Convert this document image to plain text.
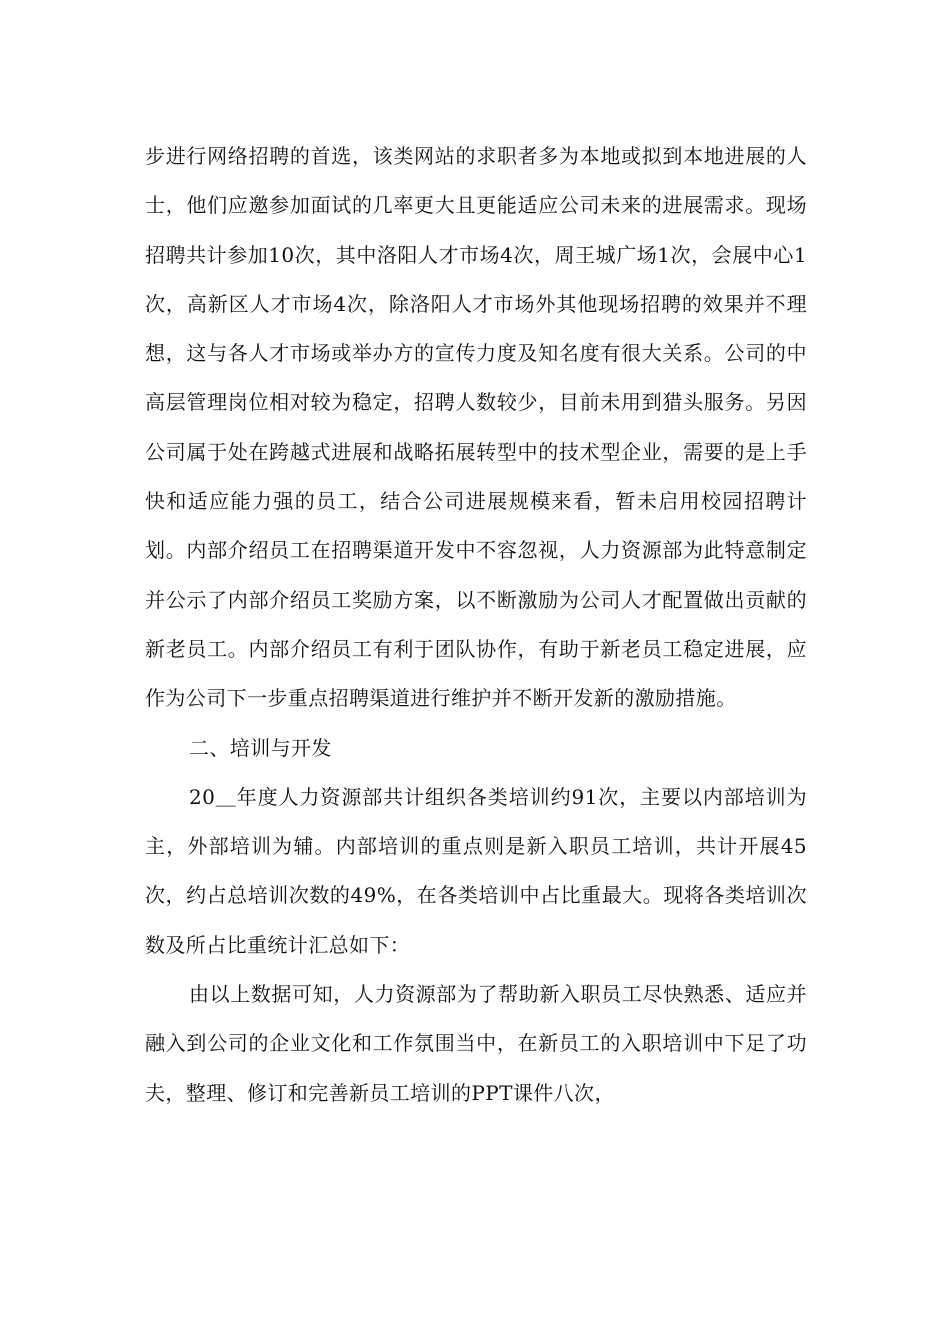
步进行网络招聘的首选，该类网站的求职者多为本地或拟到本地进展的人士，他们应邀参加面试的几率更大且更能适应公司未来的进展需求。现场招聘共计参加10次，其中洛阳人才市场4次，周王城广场1次，会展中心1次，高新区人才市场4次，除洛阳人才市场外其他现场招聘的效果并不理想，这与各人才市场或举办方的宣传力度及知名度有很大关系。公司的中高层管理岗位相对较为稳定，招聘人数较少，目前未用到猎头服务。另因公司属于处在跨越式进展和战略拓展转型中的技术型企业，需要的是上手快和适应能力强的员工，结合公司进展规模来看，暂未启用校园招聘计划。内部介绍员工在招聘渠道开发中不容忽视，人力资源部为此特意制定并公示了内部介绍员工奖励方案，以不断激励为公司人才配置做出贡献的新老员工。内部介绍员工有利于团队协作，有助于新老员工稳定进展，应作为公司下一步重点招聘渠道进行维护并不断开发新的激励措施。

二、培训与开发

20＿年度人力资源部共计组织各类培训约91次，主要以内部培训为主，外部培训为辅。内部培训的重点则是新入职员工培训，共计开展45次，约占总培训次数的49%，在各类培训中占比重最大。现将各类培训次数及所占比重统计汇总如下：

由以上数据可知，人力资源部为了帮助新入职员工尽快熟悉、适应并融入到公司的企业文化和工作氛围当中，在新员工的入职培训中下足了功夫，整理、修订和完善新员工培训的PPT课件八次，
